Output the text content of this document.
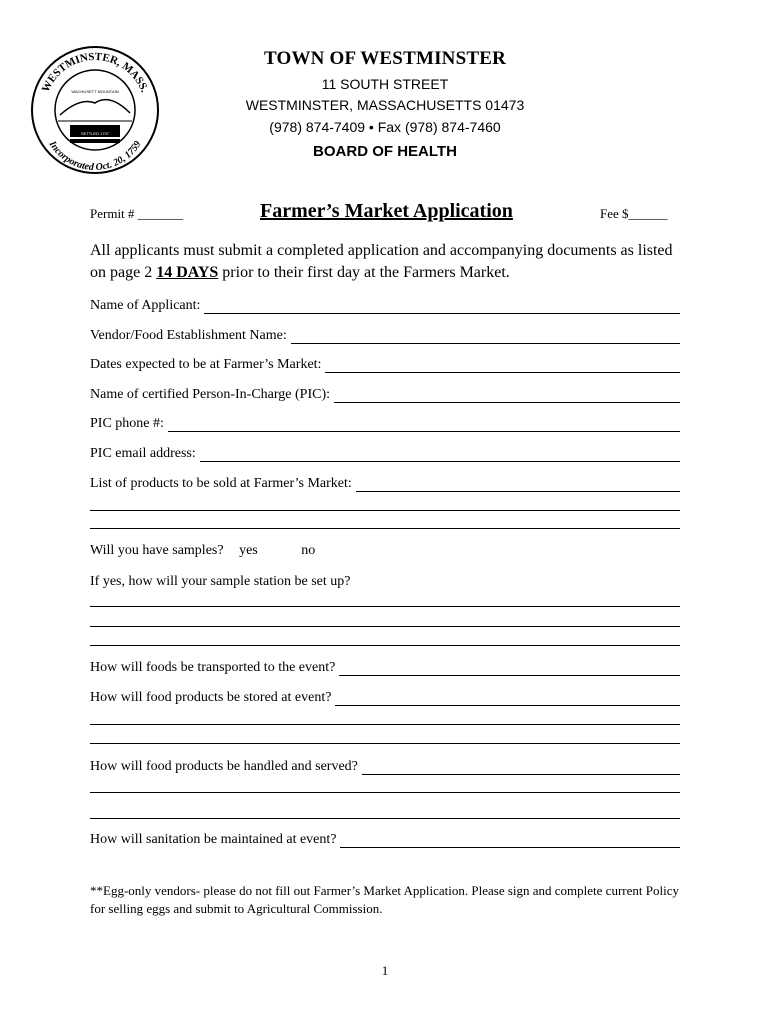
WESTMINSTER, MASS.
Incorporated Oct. 20, 1759
WACHUSETT MOUNTAIN
SETTLED 1737
TOWN OF WESTMINSTER
11 SOUTH STREET
WESTMINSTER, MASSACHUSETTS 01473
(978) 874-7409 • Fax (978) 874-7460
BOARD OF HEALTH
Permit # _______	Farmer’s Market Application	Fee $______
All applicants must submit a completed application and accompanying documents as listed on page 2 14 DAYS prior to their first day at the Farmers Market.
Name of Applicant:
Vendor/Food Establishment Name:
Dates expected to be at Farmer’s Market:
Name of certified Person-In-Charge (PIC):
PIC phone #:
PIC email address:
List of products to be sold at Farmer’s Market:
Will you have samples? yes	no
If yes, how will your sample station be set up?
How will foods be transported to the event?
How will food products be stored at event?
How will food products be handled and served?
How will sanitation be maintained at event?
**Egg-only vendors- please do not fill out Farmer’s Market Application. Please sign and complete current Policy for selling eggs and submit to Agricultural Commission.
1
